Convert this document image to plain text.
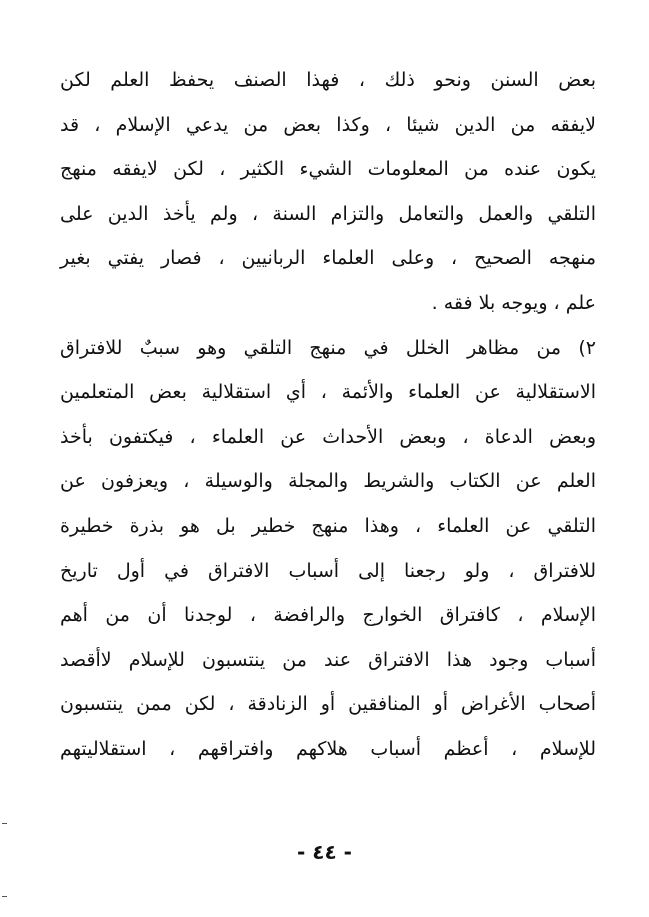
بعض السنن ونحو ذلك ، فهذا الصنف يحفظ العلم لكن
لايفقه من الدين شيئا ، وكذا بعض من يدعي الإسلام ، قد
يكون عنده من المعلومات الشيء الكثير ، لكن لايفقه منهج
التلقي والعمل والتعامل والتزام السنة ، ولم يأخذ الدين على
منهجه الصحيح ، وعلى العلماء الربانيين ، فصار يفتي بغير
علم ، ويوجه بلا فقه .
٢) من مظاهر الخلل في منهج التلقي وهو سببٌ للافتراق
الاستقلالية عن العلماء والأئمة ، أي استقلالية بعض المتعلمين
وبعض الدعاة ، وبعض الأحداث عن العلماء ، فيكتفون بأخذ
العلم عن الكتاب والشريط والمجلة والوسيلة ، ويعزفون عن
التلقي عن العلماء ، وهذا منهج خطير بل هو بذرة خطيرة
للافتراق ، ولو رجعنا إلى أسباب الافتراق في أول تاريخ
الإسلام ، كافتراق الخوارج والرافضة ، لوجدنا أن من أهم
أسباب وجود هذا الافتراق عند من ينتسبون للإسلام لاأقصد
أصحاب الأغراض أو المنافقين أو الزنادقة ، لكن ممن ينتسبون
للإسلام ، أعظم أسباب هلاكهم وافتراقهم ، استقلاليتهم
- ٤٤ -
